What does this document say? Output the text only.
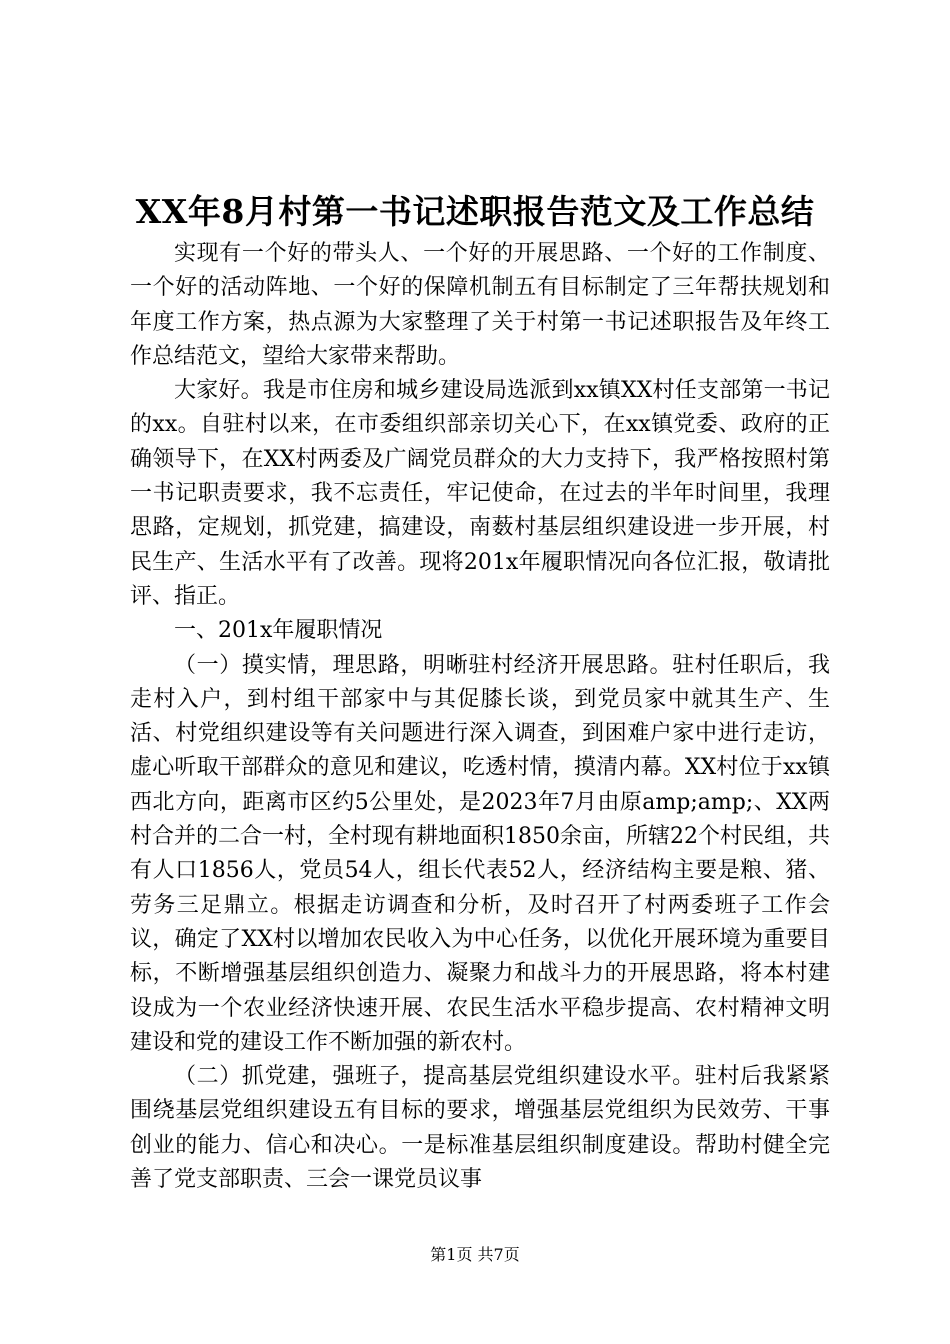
XX年8月村第一书记述职报告范文及工作总结

实现有一个好的带头人、一个好的开展思路、一个好的工作制度、一个好的活动阵地、一个好的保障机制五有目标制定了三年帮扶规划和年度工作方案，热点源为大家整理了关于村第一书记述职报告及年终工作总结范文，望给大家带来帮助。

大家好。我是市住房和城乡建设局选派到xx镇XX村任支部第一书记的xx。自驻村以来，在市委组织部亲切关心下，在xx镇党委、政府的正确领导下，在XX村两委及广阔党员群众的大力支持下，我严格按照村第一书记职责要求，我不忘责任，牢记使命，在过去的半年时间里，我理思路，定规划，抓党建，搞建设，南薮村基层组织建设进一步开展，村民生产、生活水平有了改善。现将201x年履职情况向各位汇报，敬请批评、指正。

一、201x年履职情况

（一）摸实情，理思路，明晰驻村经济开展思路。驻村任职后，我走村入户，到村组干部家中与其促膝长谈，到党员家中就其生产、生活、村党组织建设等有关问题进行深入调查，到困难户家中进行走访，虚心听取干部群众的意见和建议，吃透村情，摸清内幕。XX村位于xx镇西北方向，距离市区约5公里处，是2023年7月由原amp;amp;、XX两村合并的二合一村，全村现有耕地面积1850余亩，所辖22个村民组，共有人口1856人，党员54人，组长代表52人，经济结构主要是粮、猪、劳务三足鼎立。根据走访调查和分析，及时召开了村两委班子工作会议，确定了XX村以增加农民收入为中心任务，以优化开展环境为重要目标，不断增强基层组织创造力、凝聚力和战斗力的开展思路，将本村建设成为一个农业经济快速开展、农民生活水平稳步提高、农村精神文明建设和党的建设工作不断加强的新农村。

（二）抓党建，强班子，提高基层党组织建设水平。驻村后我紧紧围绕基层党组织建设五有目标的要求，增强基层党组织为民效劳、干事创业的能力、信心和决心。一是标准基层组织制度建设。帮助村健全完善了党支部职责、三会一课党员议事

第1页 共7页
